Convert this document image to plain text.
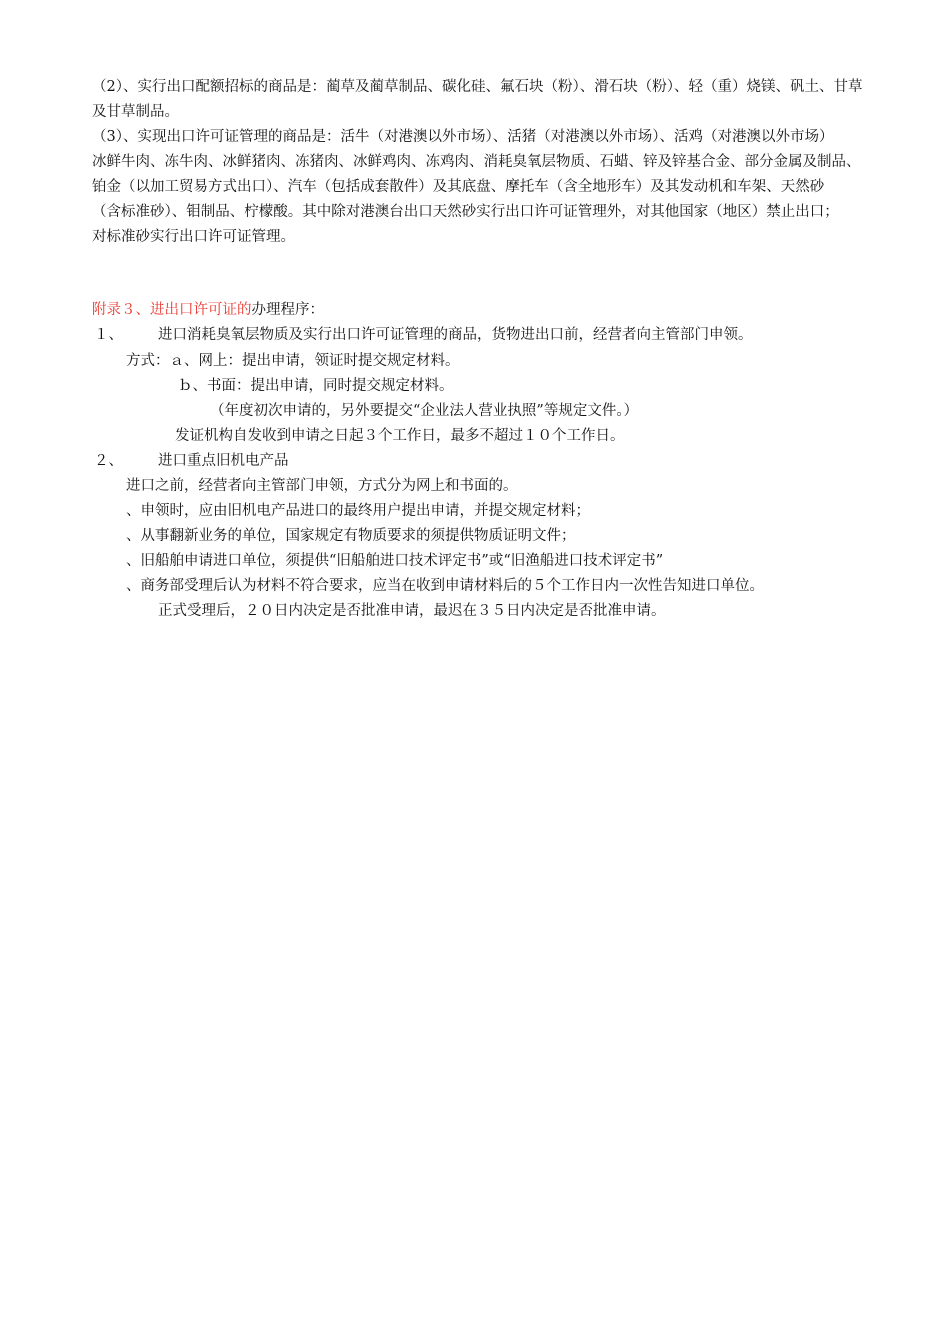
（2）、实行出口配额招标的商品是：蔺草及蔺草制品、碳化硅、氟石块（粉）、滑石块（粉）、轻（重）烧镁、矾土、甘草
及甘草制品。
（3）、实现出口许可证管理的商品是：活牛（对港澳以外市场）、活猪（对港澳以外市场）、活鸡（对港澳以外市场）
冰鲜牛肉、冻牛肉、冰鲜猪肉、冻猪肉、冰鲜鸡肉、冻鸡肉、消耗臭氧层物质、石蜡、锌及锌基合金、部分金属及制品、
铂金（以加工贸易方式出口）、汽车（包括成套散件）及其底盘、摩托车（含全地形车）及其发动机和车架、天然砂
（含标准砂）、钼制品、柠檬酸。其中除对港澳台出口天然砂实行出口许可证管理外，对其他国家（地区）禁止出口；
对标准砂实行出口许可证管理。
附录３、进出口许可证的办理程序：
１、 进口消耗臭氧层物质及实行出口许可证管理的商品，货物进出口前，经营者向主管部门申领。
方式：ａ、网上：提出申请，领证时提交规定材料。
ｂ、书面：提出申请，同时提交规定材料。
（年度初次申请的，另外要提交“企业法人营业执照”等规定文件。）
发证机构自发收到申请之日起３个工作日，最多不超过１０个工作日。
２、 进口重点旧机电产品
进口之前，经营者向主管部门申领，方式分为网上和书面的。
、申领时，应由旧机电产品进口的最终用户提出申请，并提交规定材料；
、从事翻新业务的单位，国家规定有物质要求的须提供物质证明文件；
、旧船舶申请进口单位，须提供“旧船舶进口技术评定书”或“旧渔船进口技术评定书”
、商务部受理后认为材料不符合要求，应当在收到申请材料后的５个工作日内一次性告知进口单位。
正式受理后，２０日内决定是否批准申请，最迟在３５日内决定是否批准申请。
